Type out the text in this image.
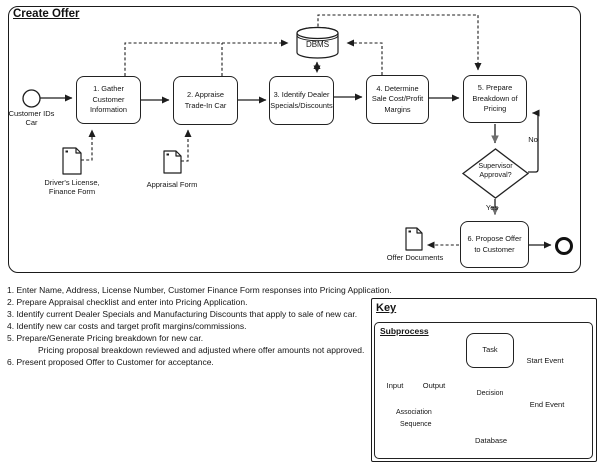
Create Offer
1. Gather Customer Information
2. Appraise Trade-In Car
3. Identify Dealer Specials/Discounts
4. Determine Sale Cost/Profit Margins
5. Prepare Breakdown of Pricing
6. Propose Offer to Customer
Customer IDs Car
DBMS
Supervisor Approval?
Yes
No
Driver's License, Finance Form
Appraisal Form
Offer Documents
1. Enter Name, Address, License Number, Customer Finance Form responses into Pricing Application.
2. Prepare Appraisal checklist and enter into Pricing Application.
3. Identify current Dealer Specials and Manufacturing Discounts that apply to sale of new car.
4. Identify new car costs and target profit margins/commissions.
5. Prepare/Generate Pricing breakdown for new car.
Pricing proposal breakdown reviewed and adjusted where offer amounts not approved.
6. Present proposed Offer to Customer for acceptance.
Key
Subprocess
Task
Input	Output
Decision
Database
Start Event
End Event
Association
Sequence
